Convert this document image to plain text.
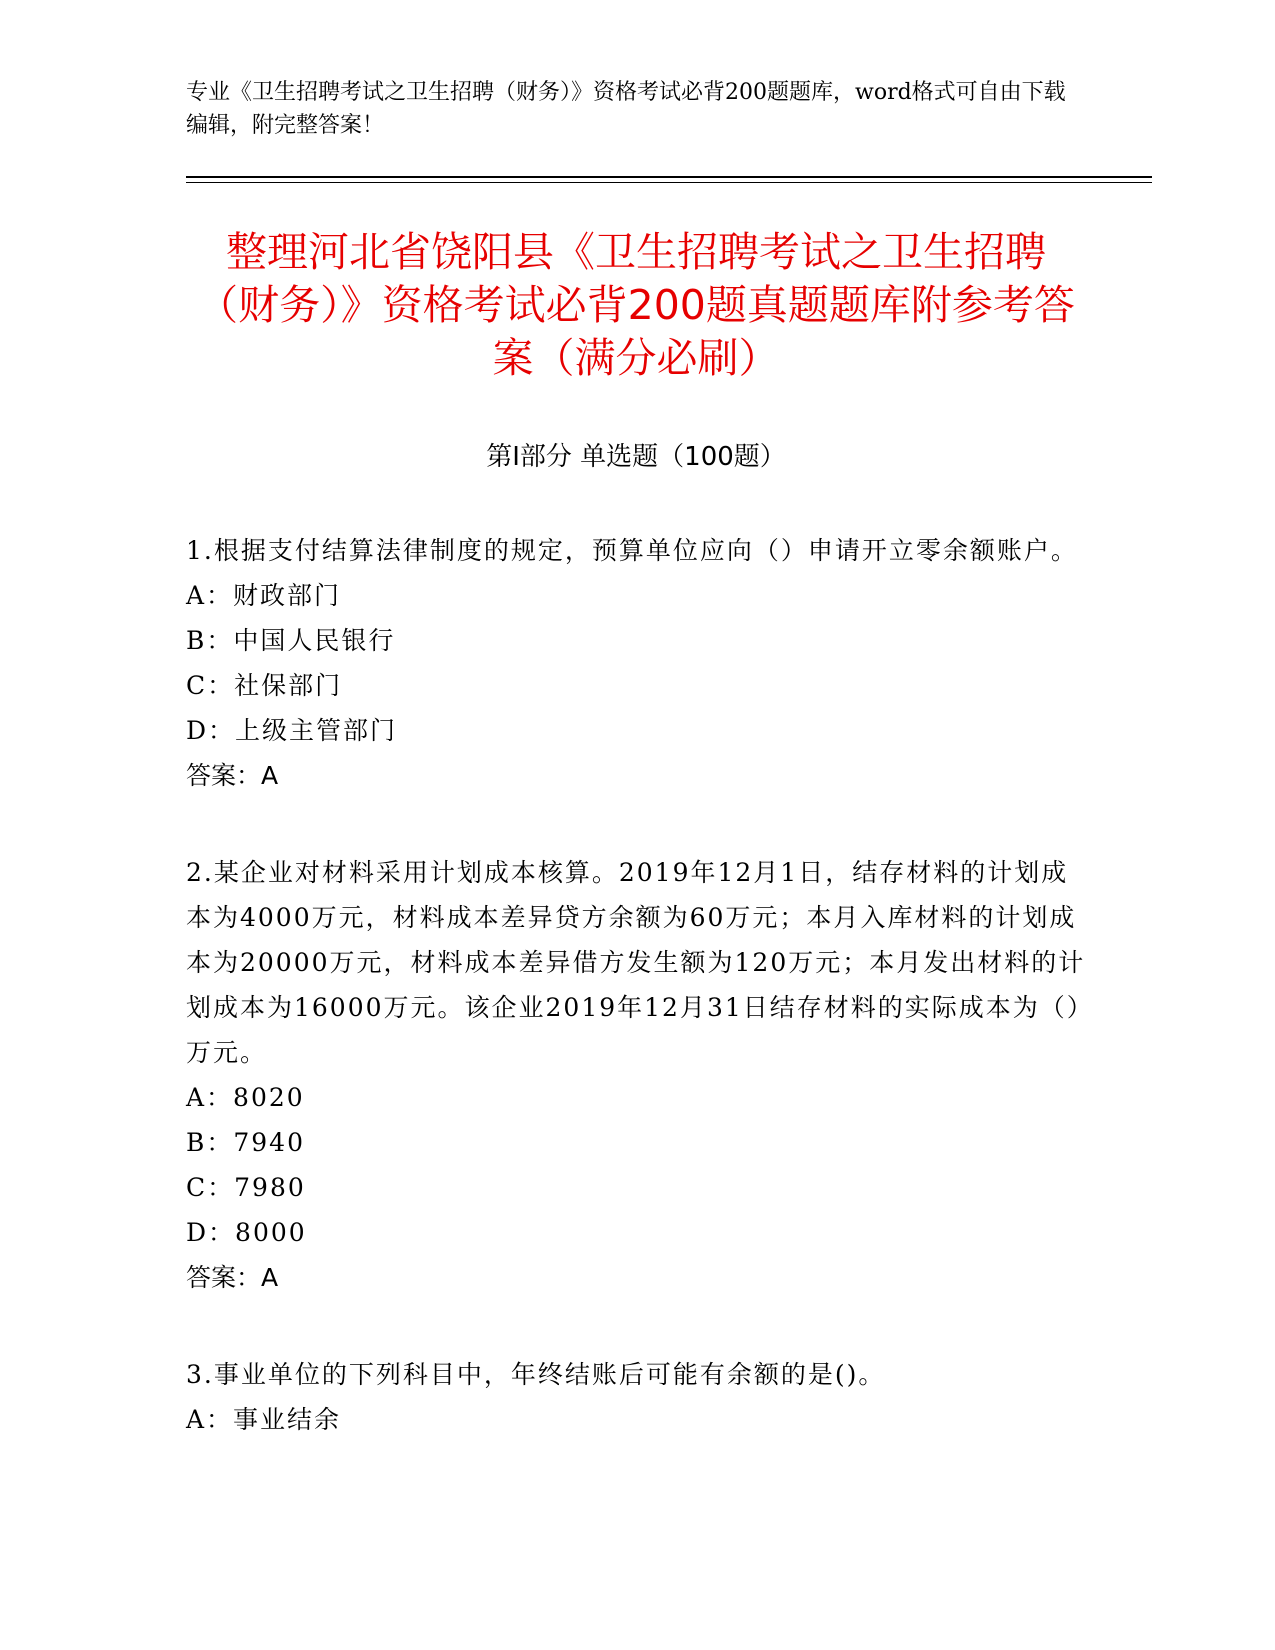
专业《卫生招聘考试之卫生招聘（财务）》资格考试必背200题题库，word格式可自由下载编辑，附完整答案！
整理河北省饶阳县《卫生招聘考试之卫生招聘（财务）》资格考试必背200题真题题库附参考答案（满分必刷）
第Ⅰ部分 单选题（100题）
1.根据支付结算法律制度的规定，预算单位应向（）申请开立零余额账户。
A：财政部门
B：中国人民银行
C：社保部门
D：上级主管部门
答案：A
2.某企业对材料采用计划成本核算。2019年12月1日，结存材料的计划成本为4000万元，材料成本差异贷方余额为60万元；本月入库材料的计划成本为20000万元，材料成本差异借方发生额为120万元；本月发出材料的计划成本为16000万元。该企业2019年12月31日结存材料的实际成本为（）万元。
A：8020
B：7940
C：7980
D：8000
答案：A
3.事业单位的下列科目中，年终结账后可能有余额的是()。
A：事业结余
